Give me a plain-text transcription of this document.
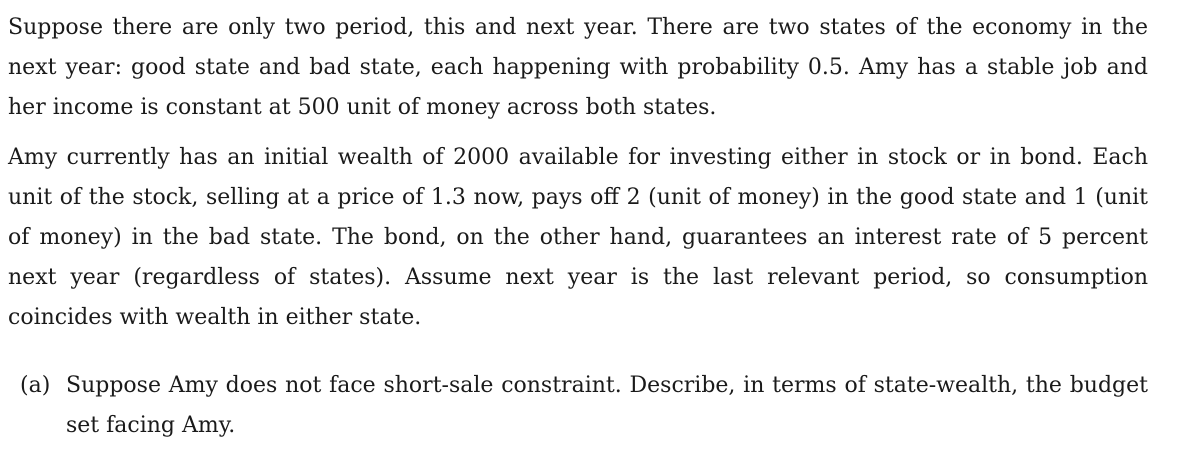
Suppose there are only two period, this and next year. There are two states of the economy in the next year: good state and bad state, each happening with probability 0.5. Amy has a stable job and her income is constant at 500 unit of money across both states.

Amy currently has an initial wealth of 2000 available for investing either in stock or in bond. Each unit of the stock, selling at a price of 1.3 now, pays off 2 (unit of money) in the good state and 1 (unit of money) in the bad state. The bond, on the other hand, guarantees an interest rate of 5 percent next year (regardless of states). Assume next year is the last relevant period, so consumption coincides with wealth in either state.

(a) Suppose Amy does not face short-sale constraint. Describe, in terms of state-wealth, the budget set facing Amy.
